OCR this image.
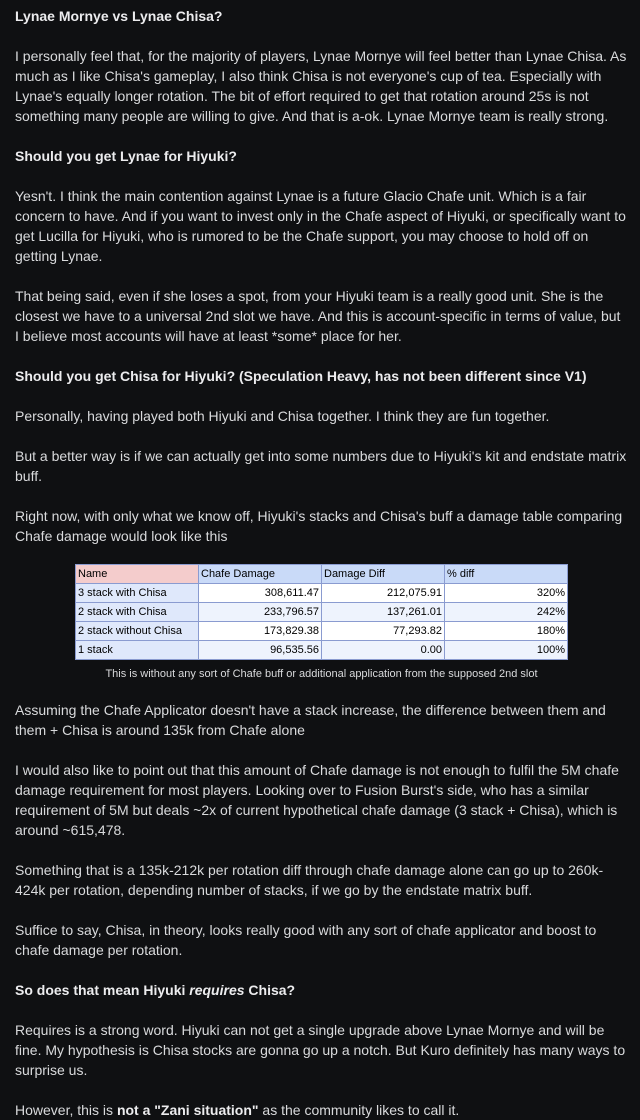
Lynae Mornye vs Lynae Chisa?

I personally feel that, for the majority of players, Lynae Mornye will feel better than Lynae Chisa. As much as I like Chisa's gameplay, I also think Chisa is not everyone's cup of tea. Especially with Lynae's equally longer rotation. The bit of effort required to get that rotation around 25s is not something many people are willing to give. And that is a-ok. Lynae Mornye team is really strong.

Should you get Lynae for Hiyuki?

Yesn't. I think the main contention against Lynae is a future Glacio Chafe unit. Which is a fair concern to have. And if you want to invest only in the Chafe aspect of Hiyuki, or specifically want to get Lucilla for Hiyuki, who is rumored to be the Chafe support, you may choose to hold off on getting Lynae.

That being said, even if she loses a spot, from your Hiyuki team is a really good unit. She is the closest we have to a universal 2nd slot we have. And this is account-specific in terms of value, but I believe most accounts will have at least *some* place for her.

Should you get Chisa for Hiyuki? (Speculation Heavy, has not been different since V1)

Personally, having played both Hiyuki and Chisa together. I think they are fun together.

But a better way is if we can actually get into some numbers due to Hiyuki's kit and endstate matrix buff.

Right now, with only what we know off, Hiyuki's stacks and Chisa's buff a damage table comparing Chafe damage would look like this

Name	Chafe Damage	Damage Diff	% diff
3 stack with Chisa	308,611.47	212,075.91	320%
2 stack with Chisa	233,796.57	137,261.01	242%
2 stack without Chisa	173,829.38	77,293.82	180%
1 stack	96,535.56	0.00	100%
This is without any sort of Chafe buff or additional application from the supposed 2nd slot

Assuming the Chafe Applicator doesn't have a stack increase, the difference between them and them + Chisa is around 135k from Chafe alone

I would also like to point out that this amount of Chafe damage is not enough to fulfil the 5M chafe damage requirement for most players. Looking over to Fusion Burst's side, who has a similar requirement of 5M but deals ~2x of current hypothetical chafe damage (3 stack + Chisa), which is around ~615,478.

Something that is a 135k-212k per rotation diff through chafe damage alone can go up to 260k-424k per rotation, depending number of stacks, if we go by the endstate matrix buff.

Suffice to say, Chisa, in theory, looks really good with any sort of chafe applicator and boost to chafe damage per rotation.

So does that mean Hiyuki requires Chisa?

Requires is a strong word. Hiyuki can not get a single upgrade above Lynae Mornye and will be fine. My hypothesis is Chisa stocks are gonna go up a notch. But Kuro definitely has many ways to surprise us.

However, this is not a "Zani situation" as the community likes to call it.
